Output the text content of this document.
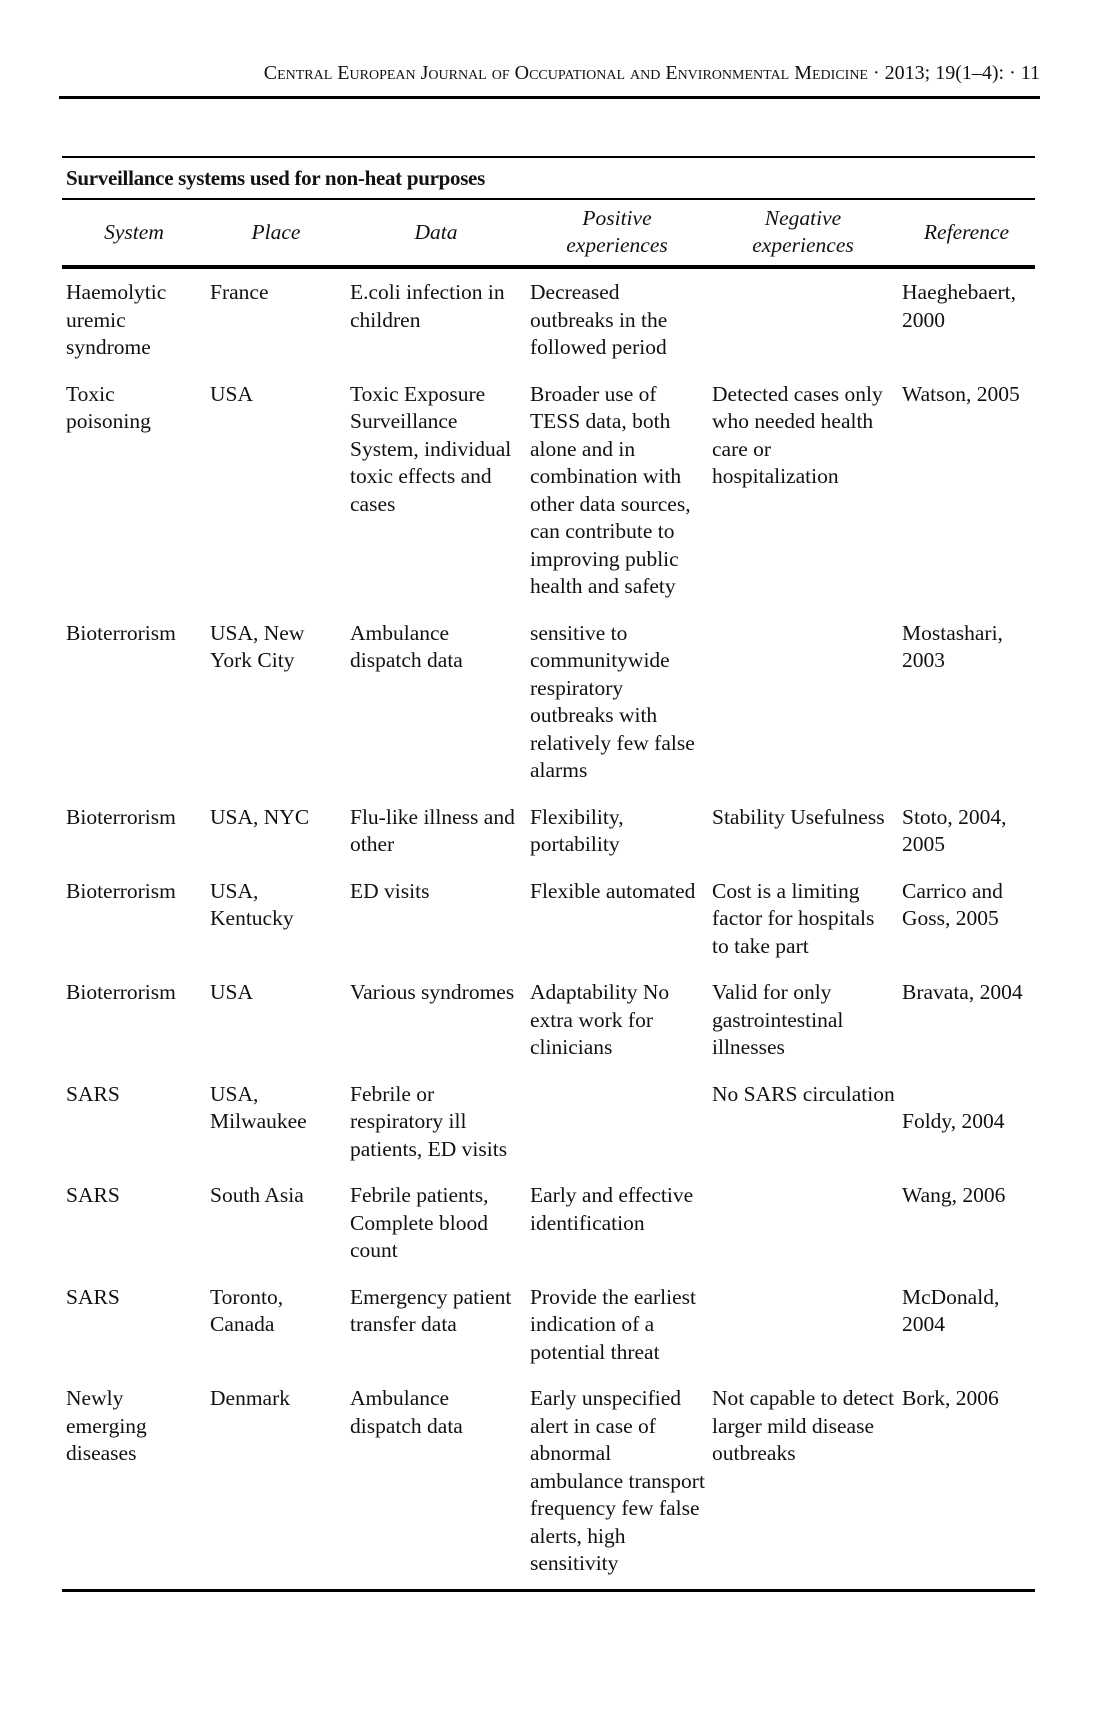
Central European Journal of Occupational and Environmental Medicine · 2013; 19(1–4): · 11
Surveillance systems used for non-heat purposes
System	Place	Data	Positive experiences	Negative experiences	Reference
Haemolytic uremic syndrome	France	E.coli infection in children	Decreased outbreaks in the followed period		Haeghebaert, 2000
Toxic poisoning	USA	Toxic Exposure Surveillance System, individual toxic effects and cases	Broader use of TESS data, both alone and in combination with other data sources, can contribute to improving public health and safety	Detected cases only who needed health care or hospitalization	Watson, 2005
Bioterrorism	USA, New York City	Ambulance dispatch data	sensitive to communitywide respiratory outbreaks with relatively few false alarms		Mostashari, 2003
Bioterrorism	USA, NYC	Flu-like illness and other	Flexibility, portability	Stability Usefulness	Stoto, 2004, 2005
Bioterrorism	USA, Kentucky	ED visits	Flexible automated	Cost is a limiting factor for hospitals to take part	Carrico and Goss, 2005
Bioterrorism	USA	Various syndromes	Adaptability No extra work for clinicians	Valid for only gastrointestinal illnesses	Bravata, 2004
SARS	USA, Milwaukee	Febrile or respiratory ill patients, ED visits		No SARS circulation	Foldy, 2004
SARS	South Asia	Febrile patients, Complete blood count	Early and effective identification		Wang, 2006
SARS	Toronto, Canada	Emergency patient transfer data	Provide the earliest indication of a potential threat		McDonald, 2004
Newly emerging diseases	Denmark	Ambulance dispatch data	Early unspecified alert in case of abnormal ambulance transport frequency few false alerts, high sensitivity	Not capable to detect larger mild disease outbreaks	Bork, 2006
